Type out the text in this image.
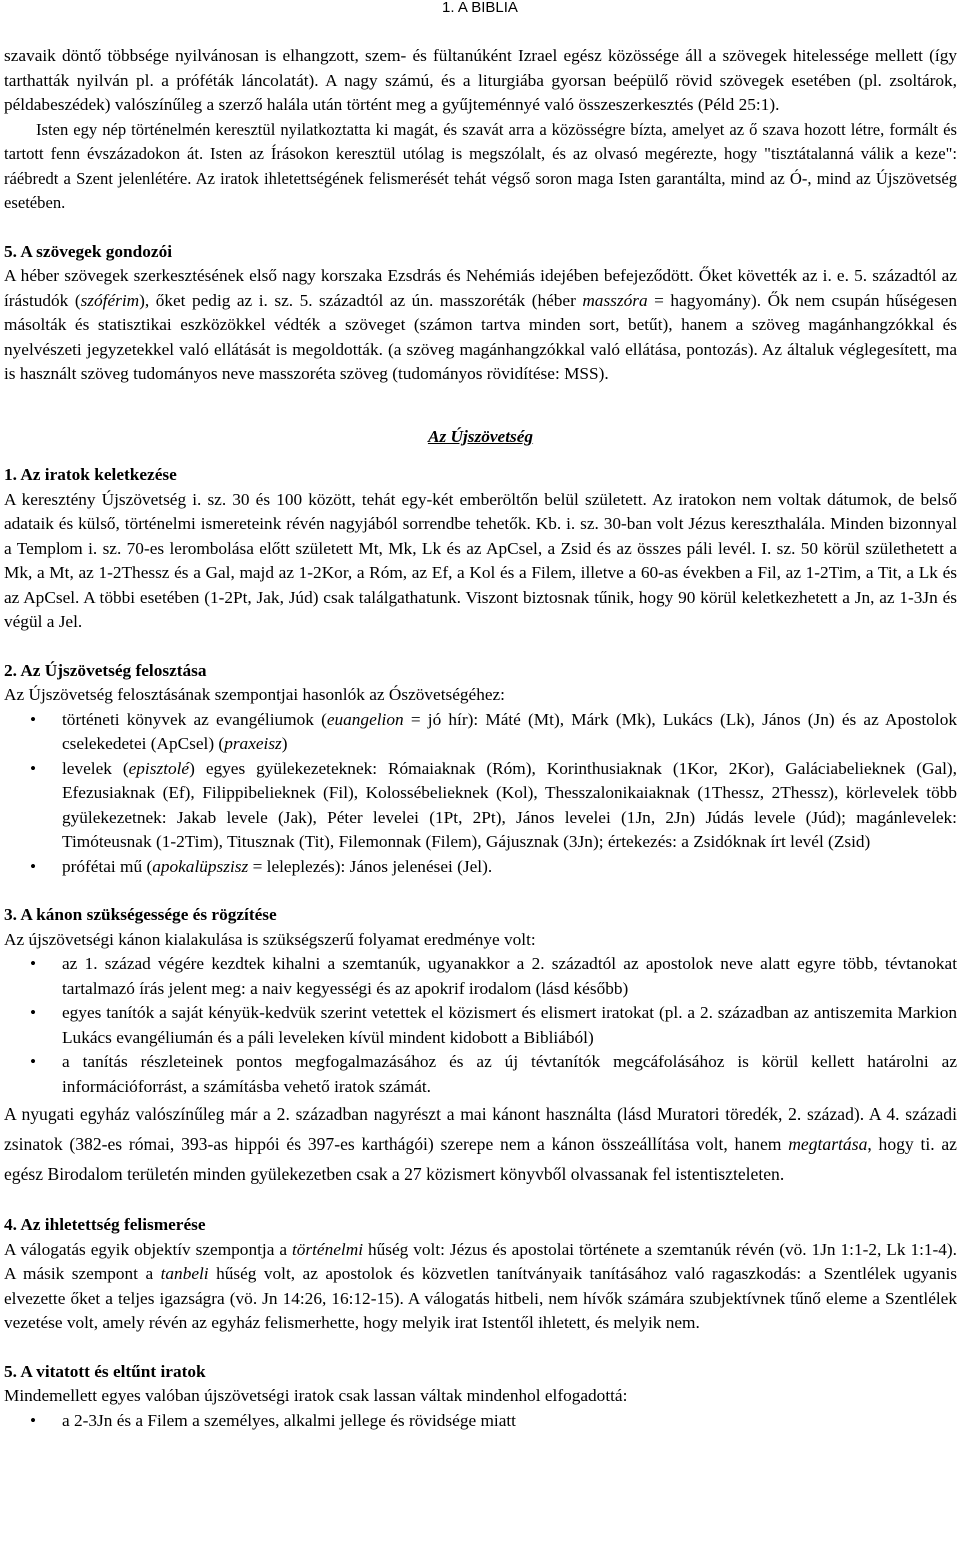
1. A BIBLIA

szavaik döntő többsége nyilvánosan is elhangzott, szem- és fültanúként Izrael egész közössége áll a szövegek hitelessége mellett (így tarthatták nyilván pl. a próféták láncolatát). A nagy számú, és a liturgiába gyorsan beépülő rövid szövegek esetében (pl. zsoltárok, példabeszédek) valószínűleg a szerző halála után történt meg a gyűjteménnyé való összeszerkesztés (Péld 25:1).

Isten egy nép történelmén keresztül nyilatkoztatta ki magát, és szavát arra a közösségre bízta, amelyet az ő szava hozott létre, formált és tartott fenn évszázadokon át. Isten az Írásokon keresztül utólag is megszólalt, és az olvasó megérezte, hogy "tisztátalanná válik a keze": ráébredt a Szent jelenlétére. Az iratok ihletettségének felismerését tehát végső soron maga Isten garantálta, mind az Ó-, mind az Újszövetség esetében.

5. A szövegek gondozói

A héber szövegek szerkesztésének első nagy korszaka Ezsdrás és Nehémiás idejében befejeződött. Őket követték az i. e. 5. századtól az írástudók (szóférim), őket pedig az i. sz. 5. századtól az ún. masszoréták (héber masszóra = hagyomány). Ők nem csupán hűségesen másolták és statisztikai eszközökkel védték a szöveget (számon tartva minden sort, betűt), hanem a szöveg magánhangzókkal és nyelvészeti jegyzetekkel való ellátását is megoldották. (a szöveg magánhangzókkal való ellátása, pontozás). Az általuk véglegesített, ma is használt szöveg tudományos neve masszoréta szöveg (tudományos rövidítése: MSS).

Az Újszövetség

1. Az iratok keletkezése

A keresztény Újszövetség i. sz. 30 és 100 között, tehát egy-két emberöltőn belül született. Az iratokon nem voltak dátumok, de belső adataik és külső, történelmi ismereteink révén nagyjából sorrendbe tehetők. Kb. i. sz. 30-ban volt Jézus kereszthalála. Minden bizonnyal a Templom i. sz. 70-es lerombolása előtt született Mt, Mk, Lk és az ApCsel, a Zsid és az összes páli levél. I. sz. 50 körül születhetett a Mk, a Mt, az 1-2Thessz és a Gal, majd az 1-2Kor, a Róm, az Ef, a Kol és a Filem, illetve a 60-as években a Fil, az 1-2Tim, a Tit, a Lk és az ApCsel. A többi esetében (1-2Pt, Jak, Júd) csak találgathatunk. Viszont biztosnak tűnik, hogy 90 körül keletkezhetett a Jn, az 1-3Jn és végül a Jel.

2. Az Újszövetség felosztása

Az Újszövetség felosztásának szempontjai hasonlók az Ószövetségéhez:

• történeti könyvek az evangéliumok (euangelion = jó hír): Máté (Mt), Márk (Mk), Lukács (Lk), János (Jn) és az Apostolok cselekedetei (ApCsel) (praxeisz)
• levelek (episztolé) egyes gyülekezeteknek: Rómaiaknak (Róm), Korinthusiaknak (1Kor, 2Kor), Galáciabelieknek (Gal), Efezusiaknak (Ef), Filippibelieknek (Fil), Kolossébelieknek (Kol), Thesszalonikaiaknak (1Thessz, 2Thessz), körlevelek több gyülekezetnek: Jakab levele (Jak), Péter levelei (1Pt, 2Pt), János levelei (1Jn, 2Jn) Júdás levele (Júd); magánlevelek: Timóteusnak (1-2Tim), Titusznak (Tit), Filemonnak (Filem), Gájusznak (3Jn); értekezés: a Zsidóknak írt levél (Zsid)
• prófétai mű (apokalüpszisz = leleplezés): János jelenései (Jel).

3. A kánon szükségessége és rögzítése

Az újszövetségi kánon kialakulása is szükségszerű folyamat eredménye volt:

• az 1. század végére kezdtek kihalni a szemtanúk, ugyanakkor a 2. századtól az apostolok neve alatt egyre több, tévtanokat tartalmazó írás jelent meg: a naiv kegyességi és az apokrif irodalom (lásd később)
• egyes tanítók a saját kényük-kedvük szerint vetettek el közismert és elismert iratokat (pl. a 2. században az antiszemita Markion Lukács evangéliumán és a páli leveleken kívül mindent kidobott a Bibliából)
• a tanítás részleteinek pontos megfogalmazásához és az új tévtanítók megcáfolásához is körül kellett határolni az információforrást, a számításba vehető iratok számát.

A nyugati egyház valószínűleg már a 2. században nagyrészt a mai kánont használta (lásd Muratori töredék, 2. század). A 4. századi zsinatok (382-es római, 393-as hippói és 397-es karthágói) szerepe nem a kánon összeállítása volt, hanem megtartása, hogy ti. az egész Birodalom területén minden gyülekezetben csak a 27 közismert könyvből olvassanak fel istentiszteleten.

4. Az ihletettség felismerése

A válogatás egyik objektív szempontja a történelmi hűség volt: Jézus és apostolai története a szemtanúk révén (vö. 1Jn 1:1-2, Lk 1:1-4). A másik szempont a tanbeli hűség volt, az apostolok és közvetlen tanítványaik tanításához való ragaszkodás: a Szentlélek ugyanis elvezette őket a teljes igazságra (vö. Jn 14:26, 16:12-15). A válogatás hitbeli, nem hívők számára szubjektívnek tűnő eleme a Szentlélek vezetése volt, amely révén az egyház felismerhette, hogy melyik irat Istentől ihletett, és melyik nem.

5. A vitatott és eltűnt iratok

Mindemellett egyes valóban újszövetségi iratok csak lassan váltak mindenhol elfogadottá:

• a 2-3Jn és a Filem a személyes, alkalmi jellege és rövidsége miatt
